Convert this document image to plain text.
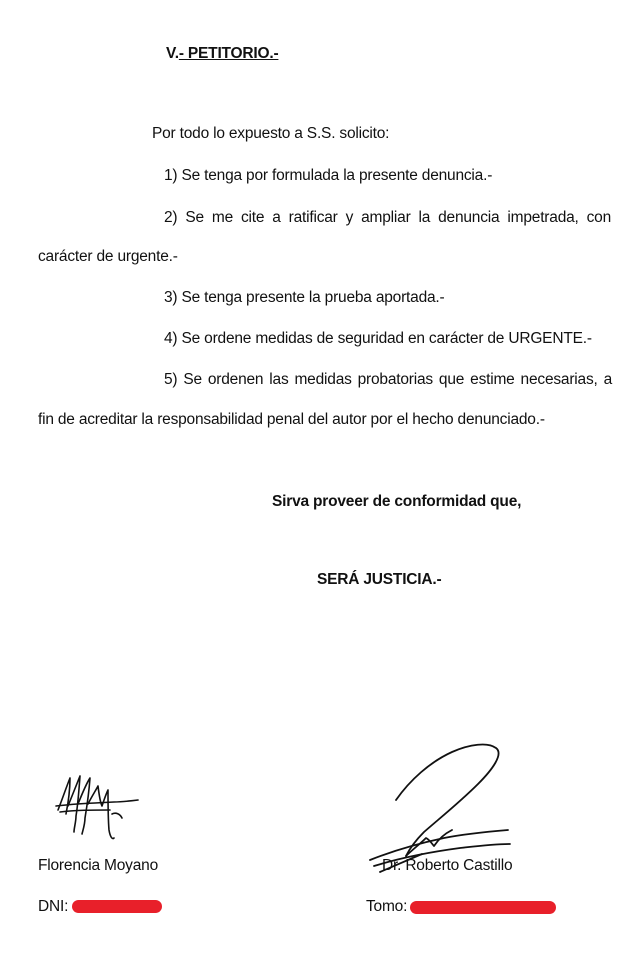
V.- PETITORIO.-
Por todo lo expuesto a S.S. solicito:
1) Se tenga por formulada la presente denuncia.-
2) Se me cite a ratificar y ampliar la denuncia impetrada, con
carácter de urgente.-
3) Se tenga presente la prueba aportada.-
4) Se ordene medidas de seguridad en carácter de URGENTE.-
5) Se ordenen las medidas probatorias que estime necesarias, a
fin de acreditar la responsabilidad penal del autor por el hecho denunciado.-
Sirva proveer de conformidad que,
SERÁ JUSTICIA.-
Florencia Moyano	Dr. Roberto Castillo
DNI:	Tomo:
